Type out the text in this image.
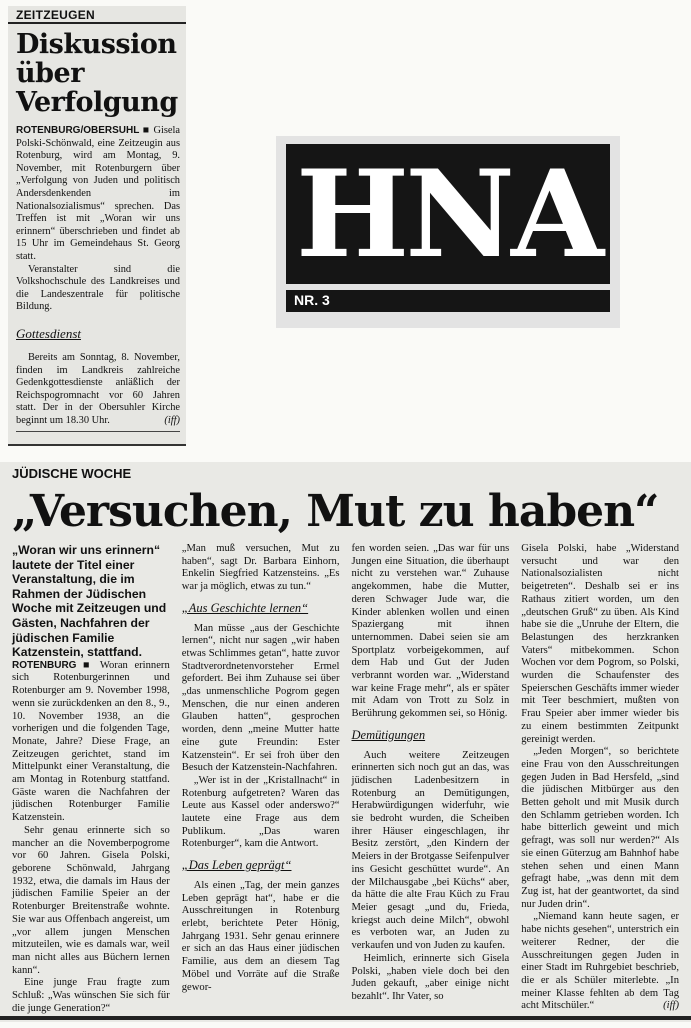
ZEITZEUGEN
Diskussion über Verfolgung

ROTENBURG/OBERSUHL ■ Gisela Polski-Schönwald, eine Zeitzeugin aus Rotenburg, wird am Montag, 9. November, mit Rotenburgern über „Verfolgung von Juden und politisch Andersdenkenden im Nationalsozialismus“ sprechen. Das Treffen ist mit „Woran wir uns erinnern“ überschrieben und findet ab 15 Uhr im Gemeindehaus St. Georg statt.

Veranstalter sind die Volkshochschule des Landkreises und die Landeszentrale für politische Bildung.

Gottesdienst

Bereits am Sonntag, 8. November, finden im Landkreis zahlreiche Gedenkgottesdienste anläßlich der Reichspogromnacht vor 60 Jahren statt. Der in der Obersuhler Kirche beginnt um 18.30 Uhr.	(iff)

HNA
NR. 3
JÜDISCHE WOCHE
„Versuchen, Mut zu haben“

„Woran wir uns erinnern“ lautete der Titel einer Veranstaltung, die im Rahmen der Jüdischen Woche mit Zeitzeugen und Gästen, Nachfahren der jüdischen Familie Katzenstein, stattfand.

ROTENBURG ■ Woran erinnern sich Rotenburgerinnen und Rotenburger am 9. November 1998, wenn sie zurückdenken an den 8., 9., 10. November 1938, an die vorherigen und die folgenden Tage, Monate, Jahre? Diese Frage, an Zeitzeugen gerichtet, stand im Mittelpunkt einer Veranstaltung, die am Montag in Rotenburg stattfand. Gäste waren die Nachfahren der jüdischen Rotenburger Familie Katzenstein.

Sehr genau erinnerte sich so mancher an die Novemberpogrome vor 60 Jahren. Gisela Polski, geborene Schönwald, Jahrgang 1932, etwa, die damals im Haus der jüdischen Familie Speier an der Rotenburger Breitenstraße wohnte. Sie war aus Offenbach angereist, um „vor allem jungen Menschen mitzuteilen, wie es damals war, weil man nicht alles aus Büchern lernen kann“.

Eine junge Frau fragte zum Schluß: „Was wünschen Sie sich für die junge Generation?“

„Man muß versuchen, Mut zu haben“, sagt Dr. Barbara Einhorn, Enkelin Siegfried Katzensteins. „Es war ja möglich, etwas zu tun.“

„Aus Geschichte lernen“

Man müsse „aus der Geschichte lernen“, nicht nur sagen „wir haben etwas Schlimmes getan“, hatte zuvor Stadtverordnetenvorsteher Ermel gefordert. Bei ihm Zuhause sei über „das unmenschliche Pogrom gegen Menschen, die nur einen anderen Glauben hatten“, gesprochen worden, denn „meine Mutter hatte eine gute Freundin: Ester Katzenstein“. Er sei froh über den Besuch der Katzenstein-Nachfahren.

„Wer ist in der „Kristallnacht“ in Rotenburg aufgetreten? Waren das Leute aus Kassel oder anderswo?“ lautete eine Frage aus dem Publikum. „Das waren Rotenburger“, kam die Antwort.

„Das Leben geprägt“

Als einen „Tag, der mein ganzes Leben geprägt hat“, habe er die Ausschreitungen in Rotenburg erlebt, berichtete Peter Hönig, Jahrgang 1931. Sehr genau erinnere er sich an das Haus einer jüdischen Familie, aus dem an diesem Tag Möbel und Vorräte auf die Straße gewor-

fen worden seien. „Das war für uns Jungen eine Situation, die überhaupt nicht zu verstehen war.“ Zuhause angekommen, habe die Mutter, deren Schwager Jude war, die Kinder ablenken wollen und einen Spaziergang mit ihnen unternommen. Dabei seien sie am Sportplatz vorbeigekommen, auf dem Hab und Gut der Juden verbrannt worden war. „Widerstand war keine Frage mehr“, als er später mit Adam von Trott zu Solz in Berührung gekommen sei, so Hönig.

Demütigungen

Auch weitere Zeitzeugen erinnerten sich noch gut an das, was jüdischen Ladenbesitzern in Rotenburg an Demütigungen, Herabwürdigungen widerfuhr, wie sie bedroht wurden, die Scheiben ihrer Häuser eingeschlagen, ihr Besitz zerstört, „den Kindern der Meiers in der Brotgasse Seifenpulver ins Gesicht geschüttet wurde“. An der Milchausgabe „bei Küchs“ aber, da hätte die alte Frau Küch zu Frau Meier gesagt „und du, Frieda, kriegst auch deine Milch“, obwohl es verboten war, an Juden zu verkaufen und von Juden zu kaufen.

Heimlich, erinnerte sich Gisela Polski, „haben viele doch bei den Juden gekauft, „aber einige nicht bezahlt“. Ihr Vater, so

Gisela Polski, habe „Widerstand versucht und war den Nationalsozialisten nicht beigetreten“. Deshalb sei er ins Rathaus zitiert worden, um den „deutschen Gruß“ zu üben. Als Kind habe sie die „Unruhe der Eltern, die Belastungen des herzkranken Vaters“ mitbekommen. Schon Wochen vor dem Pogrom, so Polski, wurden die Schaufenster des Speierschen Geschäfts immer wieder mit Teer beschmiert, mußten von Frau Speier aber immer wieder bis zu einem bestimmten Zeitpunkt gereinigt werden.

„Jeden Morgen“, so berichtete eine Frau von den Ausschreitungen gegen Juden in Bad Hersfeld, „sind die jüdischen Mitbürger aus den Betten geholt und mit Musik durch den Schlamm getrieben worden. Ich habe bitterlich geweint und mich gefragt, was soll nur werden?“ Als sie einen Güterzug am Bahnhof habe stehen sehen und einen Mann gefragt habe, „was denn mit dem Zug ist, hat der geantwortet, da sind nur Juden drin“.

„Niemand kann heute sagen, er habe nichts gesehen“, unterstrich ein weiterer Redner, der die Ausschreitungen gegen Juden in einer Stadt im Ruhrgebiet beschrieb, die er als Schüler miterlebte. „In meiner Klasse fehlten ab dem Tag acht Mitschüler.“	(iff)
